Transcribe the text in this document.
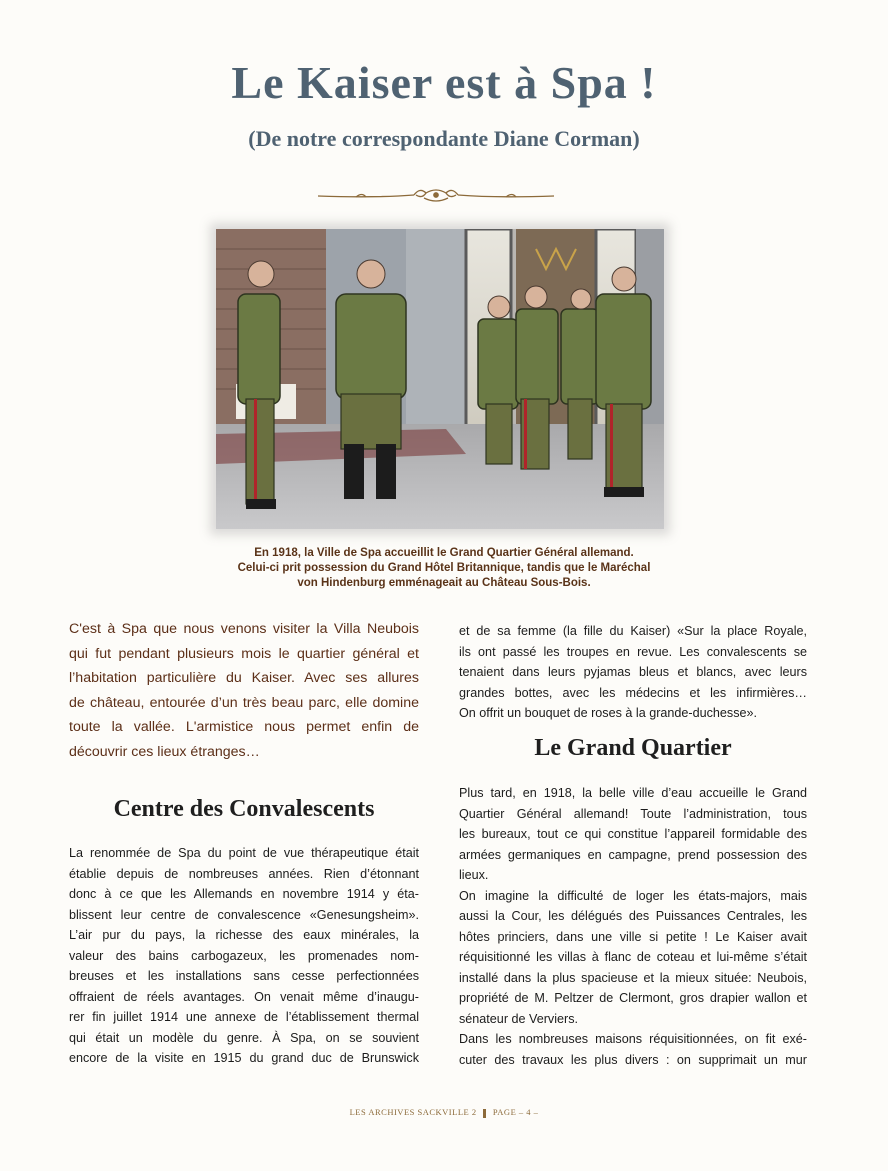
Le Kaiser est à Spa !
(De notre correspondante Diane Corman)
En 1918, la Ville de Spa accueillit le Grand Quartier Général allemand.
Celui-ci prit possession du Grand Hôtel Britannique, tandis que le Maréchal
von Hindenburg emménageait au Château Sous-Bois.
C'est à Spa que nous venons visiter la Villa Neubois
qui fut pendant plusieurs mois le quartier général et
l’habitation particulière du Kaiser. Avec ses allures
de château, entourée d’un très beau parc, elle domine
toute la vallée. L'armistice nous permet enfin de
découvrir ces lieux étranges…
Centre des Convalescents
La renommée de Spa du point de vue thérapeutique était
établie depuis de nombreuses années. Rien d’étonnant
donc à ce que les Allemands en novembre 1914 y éta-
blissent leur centre de convalescence «Genesungsheim».
L’air pur du pays, la richesse des eaux minérales, la
valeur des bains carbogazeux, les promenades nom-
breuses et les installations sans cesse perfectionnées
offraient de réels avantages. On venait même d’inaugu-
rer fin juillet 1914 une annexe de l’établissement thermal
qui était un modèle du genre. À Spa, on se souvient
encore de la visite en 1915 du grand duc de Brunswick
et de sa femme (la fille du Kaiser) «Sur la place Royale,
ils ont passé les troupes en revue. Les convalescents se
tenaient dans leurs pyjamas bleus et blancs, avec leurs
grandes bottes, avec les médecins et les infirmières…
On offrit un bouquet de roses à la grande-duchesse».
Le Grand Quartier
Plus tard, en 1918, la belle ville d’eau accueille le Grand
Quartier Général allemand! Toute l’administration, tous
les bureaux, tout ce qui constitue l’appareil formidable des
armées germaniques en campagne, prend possession des
lieux.
On imagine la difficulté de loger les états-majors, mais
aussi la Cour, les délégués des Puissances Centrales, les
hôtes princiers, dans une ville si petite ! Le Kaiser avait
réquisitionné les villas à flanc de coteau et lui-même s’était
installé dans la plus spacieuse et la mieux située: Neubois,
propriété de M. Peltzer de Clermont, gros drapier wallon et
sénateur de Verviers.
Dans les nombreuses maisons réquisitionnées, on fit exé-
cuter des travaux les plus divers : on supprimait un mur
LES ARCHIVES SACKVILLE 2 PAGE – 4 –
